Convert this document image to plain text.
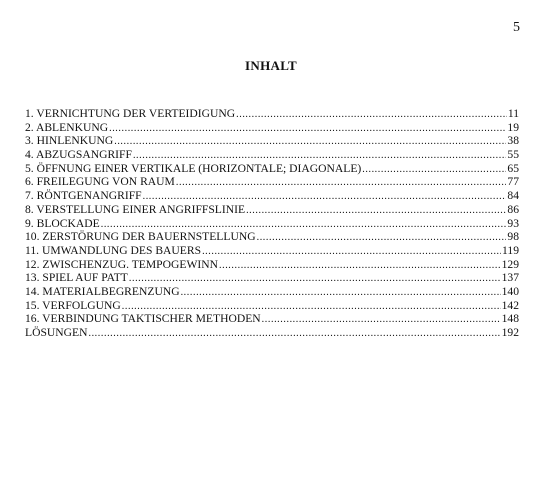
5
INHALT
1. VERNICHTUNG DER VERTEIDIGUNG .....	11
2. ABLENKUNG .....	19
3. HINLENKUNG .....	38
4. ABZUGSANGRIFF .....	55
5. ÖFFNUNG EINER VERTIKALE (HORIZONTALE; DIAGONALE) .....	65
6. FREILEGUNG VON RAUM .....	77
7. RÖNTGENANGRIFF .....	84
8. VERSTELLUNG EINER ANGRIFFSLINIE .....	86
9. BLOCKADE .....	93
10. ZERSTÖRUNG DER BAUERNSTELLUNG .....	98
11. UMWANDLUNG DES BAUERS .....	119
12. ZWISCHENZUG. TEMPOGEWINN .....	129
13. SPIEL AUF PATT .....	137
14. MATERIALBEGRENZUNG .....	140
15. VERFOLGUNG .....	142
16. VERBINDUNG TAKTISCHER METHODEN .....	148
LÖSUNGEN .....	192
